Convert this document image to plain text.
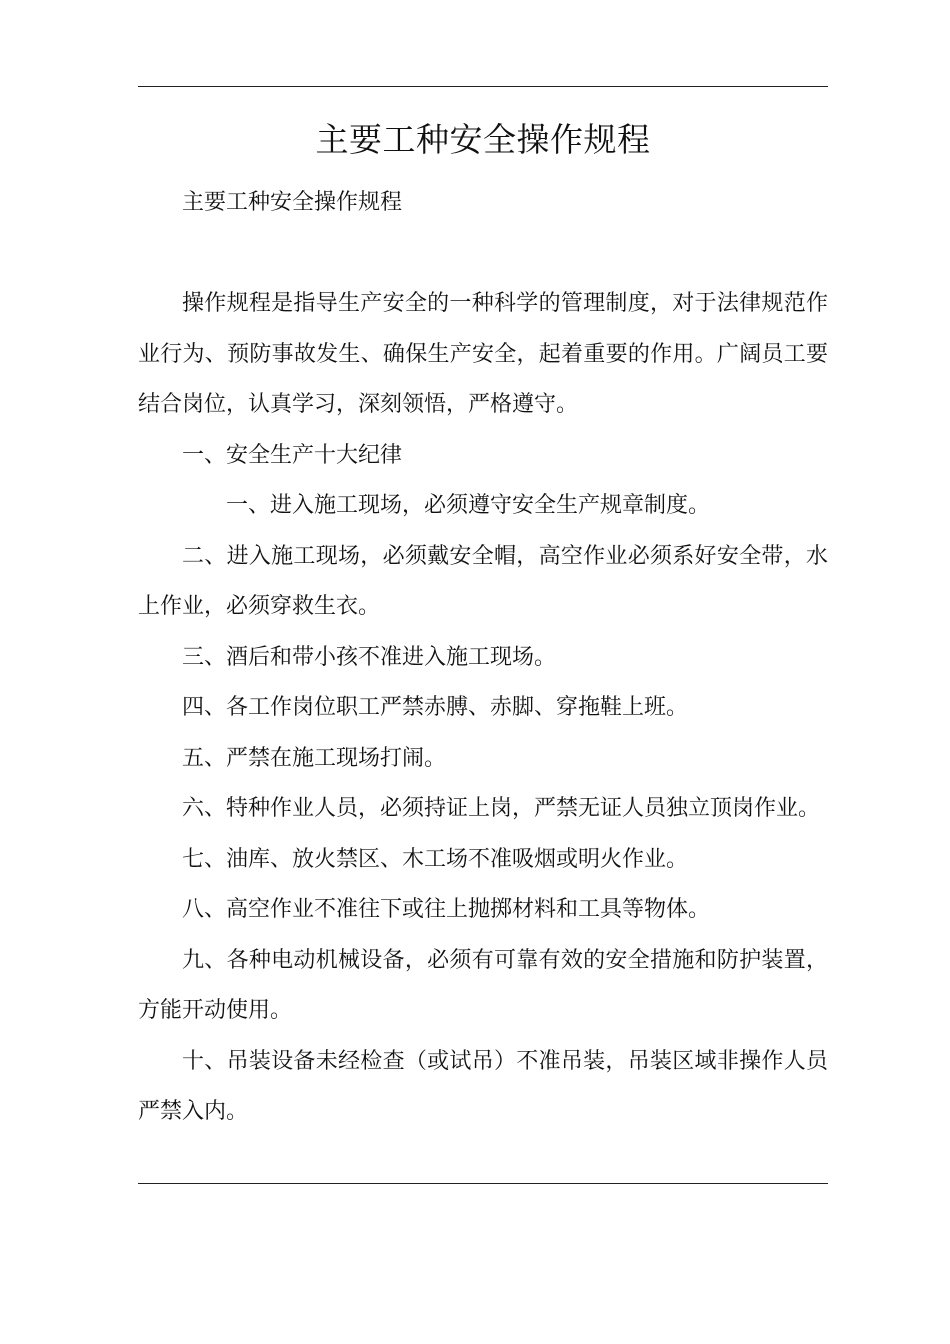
主要工种安全操作规程

主要工种安全操作规程

操作规程是指导生产安全的一种科学的管理制度，对于法律规范作业行为、预防事故发生、确保生产安全，起着重要的作用。广阔员工要结合岗位，认真学习，深刻领悟，严格遵守。

一、安全生产十大纪律

一、进入施工现场，必须遵守安全生产规章制度。

二、进入施工现场，必须戴安全帽，高空作业必须系好安全带，水上作业，必须穿救生衣。

三、酒后和带小孩不准进入施工现场。

四、各工作岗位职工严禁赤膊、赤脚、穿拖鞋上班。

五、严禁在施工现场打闹。

六、特种作业人员，必须持证上岗，严禁无证人员独立顶岗作业。

七、油库、放火禁区、木工场不准吸烟或明火作业。

八、高空作业不准往下或往上抛掷材料和工具等物体。

九、各种电动机械设备，必须有可靠有效的安全措施和防护装置，方能开动使用。

十、吊装设备未经检查（或试吊）不准吊装，吊装区域非操作人员严禁入内。
